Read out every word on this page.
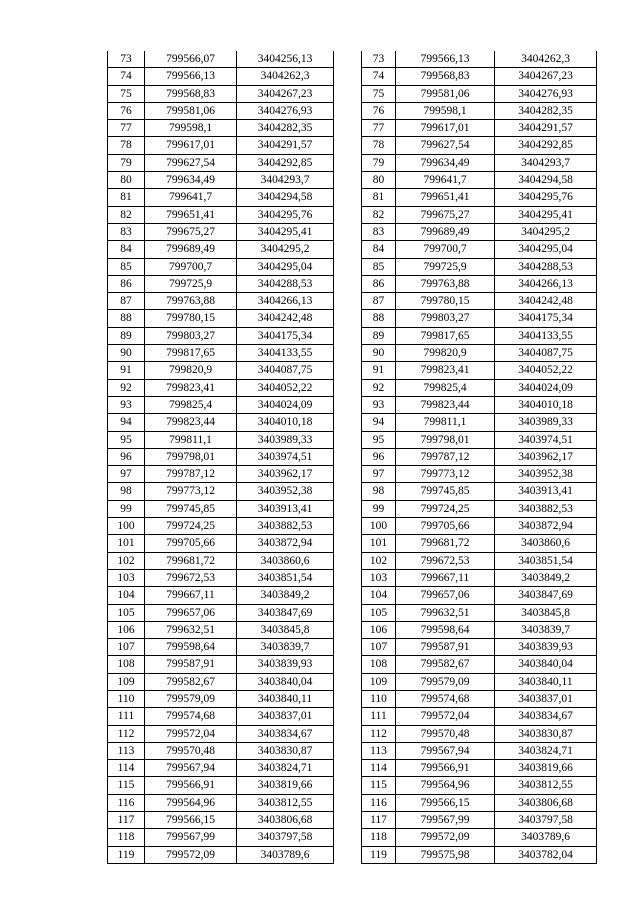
73	799566,07	3404256,13
74	799566,13	3404262,3
75	799568,83	3404267,23
76	799581,06	3404276,93
77	799598,1	3404282,35
78	799617,01	3404291,57
79	799627,54	3404292,85
80	799634,49	3404293,7
81	799641,7	3404294,58
82	799651,41	3404295,76
83	799675,27	3404295,41
84	799689,49	3404295,2
85	799700,7	3404295,04
86	799725,9	3404288,53
87	799763,88	3404266,13
88	799780,15	3404242,48
89	799803,27	3404175,34
90	799817,65	3404133,55
91	799820,9	3404087,75
92	799823,41	3404052,22
93	799825,4	3404024,09
94	799823,44	3404010,18
95	799811,1	3403989,33
96	799798,01	3403974,51
97	799787,12	3403962,17
98	799773,12	3403952,38
99	799745,85	3403913,41
100	799724,25	3403882,53
101	799705,66	3403872,94
102	799681,72	3403860,6
103	799672,53	3403851,54
104	799667,11	3403849,2
105	799657,06	3403847,69
106	799632,51	3403845,8
107	799598,64	3403839,7
108	799587,91	3403839,93
109	799582,67	3403840,04
110	799579,09	3403840,11
111	799574,68	3403837,01
112	799572,04	3403834,67
113	799570,48	3403830,87
114	799567,94	3403824,71
115	799566,91	3403819,66
116	799564,96	3403812,55
117	799566,15	3403806,68
118	799567,99	3403797,58
119	799572,09	3403789,6
73	799566,13	3404262,3
74	799568,83	3404267,23
75	799581,06	3404276,93
76	799598,1	3404282,35
77	799617,01	3404291,57
78	799627,54	3404292,85
79	799634,49	3404293,7
80	799641,7	3404294,58
81	799651,41	3404295,76
82	799675,27	3404295,41
83	799689,49	3404295,2
84	799700,7	3404295,04
85	799725,9	3404288,53
86	799763,88	3404266,13
87	799780,15	3404242,48
88	799803,27	3404175,34
89	799817,65	3404133,55
90	799820,9	3404087,75
91	799823,41	3404052,22
92	799825,4	3404024,09
93	799823,44	3404010,18
94	799811,1	3403989,33
95	799798,01	3403974,51
96	799787,12	3403962,17
97	799773,12	3403952,38
98	799745,85	3403913,41
99	799724,25	3403882,53
100	799705,66	3403872,94
101	799681,72	3403860,6
102	799672,53	3403851,54
103	799667,11	3403849,2
104	799657,06	3403847,69
105	799632,51	3403845,8
106	799598,64	3403839,7
107	799587,91	3403839,93
108	799582,67	3403840,04
109	799579,09	3403840,11
110	799574,68	3403837,01
111	799572,04	3403834,67
112	799570,48	3403830,87
113	799567,94	3403824,71
114	799566,91	3403819,66
115	799564,96	3403812,55
116	799566,15	3403806,68
117	799567,99	3403797,58
118	799572,09	3403789,6
119	799575,98	3403782,04
